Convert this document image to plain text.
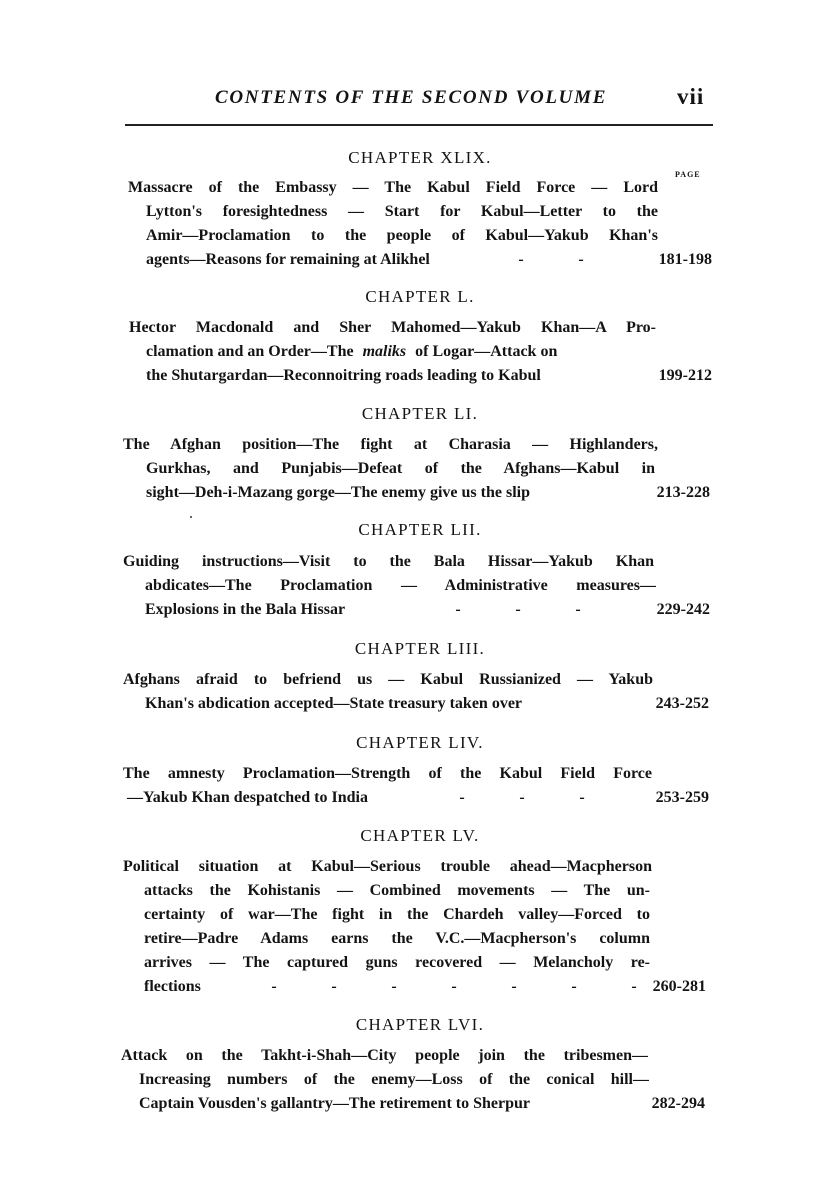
CONTENTS OF THE SECOND VOLUME	vii
CHAPTER XLIX.
PAGE
Massacre of the Embassy — The Kabul Field Force — Lord
Lytton's foresightedness — Start for Kabul—Letter to the
Amir—Proclamation to the people of Kabul—Yakub Khan's
agents—Reasons for remaining at Alikhel	-	-	181-198
CHAPTER L.
Hector Macdonald and Sher Mahomed—Yakub Khan—A Pro-
clamation and an Order—The maliks of Logar—Attack on
the Shutargardan—Reconnoitring roads leading to Kabul	199-212
CHAPTER LI.
The Afghan position—The fight at Charasia — Highlanders,
Gurkhas, and Punjabis—Defeat of the Afghans—Kabul in
sight—Deh-i-Mazang gorge—The enemy give us the slip	213-228
CHAPTER LII.
Guiding instructions—Visit to the Bala Hissar—Yakub Khan
abdicates—The Proclamation — Administrative measures—
Explosions in the Bala Hissar	-	-	-	229-242
CHAPTER LIII.
Afghans afraid to befriend us — Kabul Russianized — Yakub
Khan's abdication accepted—State treasury taken over	243-252
CHAPTER LIV.
The amnesty Proclamation—Strength of the Kabul Field Force
—Yakub Khan despatched to India	-	-	-	253-259
CHAPTER LV.
Political situation at Kabul—Serious trouble ahead—Macpherson
attacks the Kohistanis — Combined movements — The un-
certainty of war—The fight in the Chardeh valley—Forced to
retire—Padre Adams earns the V.C.—Macpherson's column
arrives — The captured guns recovered — Melancholy re-
flections	-	-	-	-	-	-	-	260-281
CHAPTER LVI.
Attack on the Takht-i-Shah—City people join the tribesmen—
Increasing numbers of the enemy—Loss of the conical hill—
Captain Vousden's gallantry—The retirement to Sherpur	282-294
